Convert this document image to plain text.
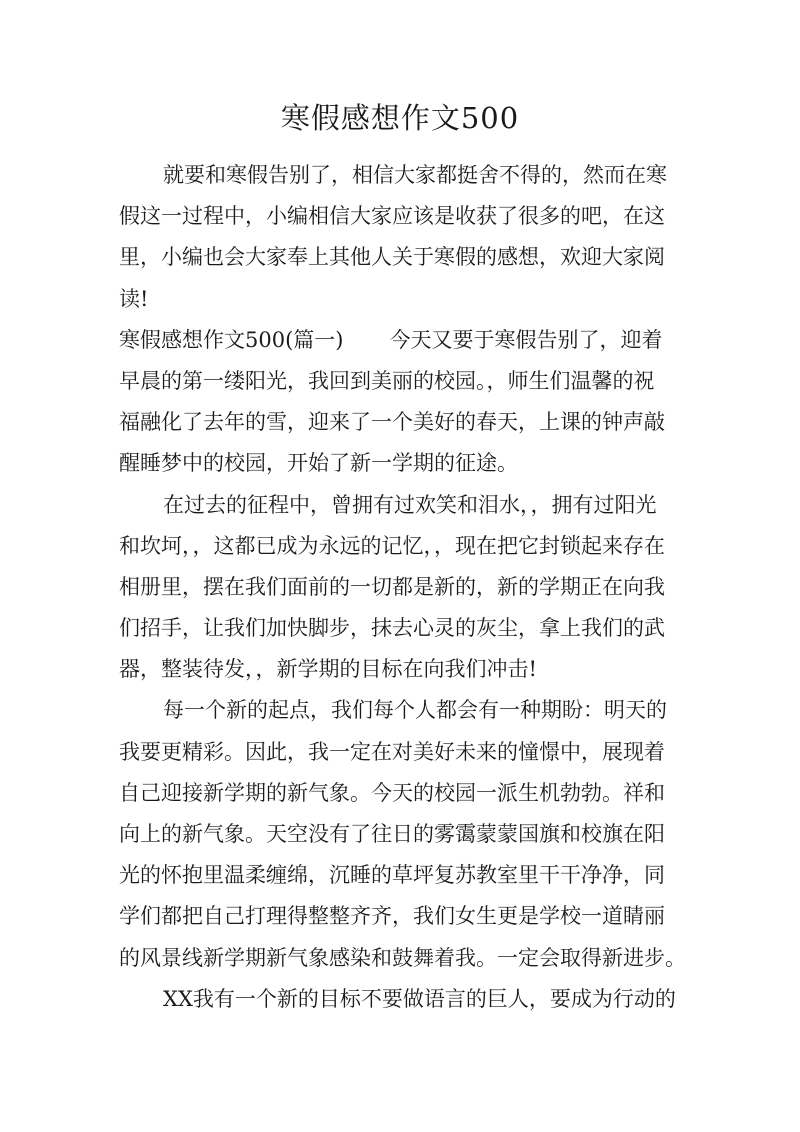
寒假感想作文500
就要和寒假告别了，相信大家都挺舍不得的，然而在寒
假这一过程中，小编相信大家应该是收获了很多的吧，在这
里，小编也会大家奉上其他人关于寒假的感想，欢迎大家阅
读!
寒假感想作文500(篇一) 今天又要于寒假告别了，迎着
早晨的第一缕阳光，我回到美丽的校园。，师生们温馨的祝
福融化了去年的雪，迎来了一个美好的春天，上课的钟声敲
醒睡梦中的校园，开始了新一学期的征途。
在过去的征程中，曾拥有过欢笑和泪水，，拥有过阳光
和坎坷，，这都已成为永远的记忆，，现在把它封锁起来存在
相册里，摆在我们面前的一切都是新的，新的学期正在向我
们招手，让我们加快脚步，抹去心灵的灰尘，拿上我们的武
器，整装待发，，新学期的目标在向我们冲击!
每一个新的起点，我们每个人都会有一种期盼：明天的
我要更精彩。因此，我一定在对美好未来的憧憬中，展现着
自己迎接新学期的新气象。今天的校园一派生机勃勃。祥和
向上的新气象。天空没有了往日的雾霭蒙蒙国旗和校旗在阳
光的怀抱里温柔缠绵，沉睡的草坪复苏教室里干干净净，同
学们都把自己打理得整整齐齐，我们女生更是学校一道睛丽
的风景线新学期新气象感染和鼓舞着我。一定会取得新进步。
XX我有一个新的目标不要做语言的巨人，要成为行动的
